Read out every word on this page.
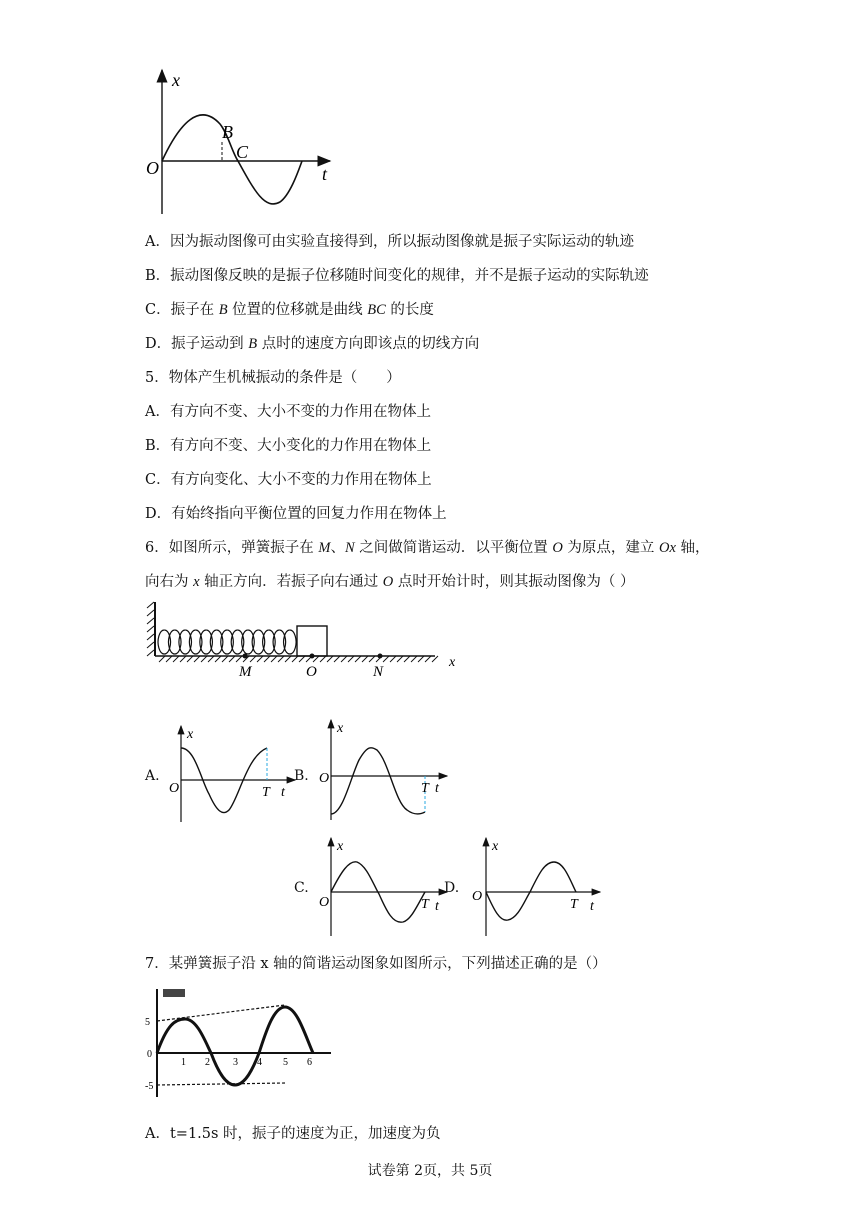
x
t
O
B
C
A．因为振动图像可由实验直接得到，所以振动图像就是振子实际运动的轨迹
B．振动图像反映的是振子位移随时间变化的规律，并不是振子运动的实际轨迹
C．振子在 B 位置的位移就是曲线 BC 的长度
D．振子运动到 B 点时的速度方向即该点的切线方向
5．物体产生机械振动的条件是（　　）
A．有方向不变、大小不变的力作用在物体上
B．有方向不变、大小变化的力作用在物体上
C．有方向变化、大小不变的力作用在物体上
D．有始终指向平衡位置的回复力作用在物体上
6．如图所示，弹簧振子在 M、N 之间做简谐运动．以平衡位置 O 为原点，建立 Ox 轴，
向右为 x 轴正方向．若振子向右通过 O 点时开始计时，则其振动图像为（ ）
M	O	N
x
A.
x
O	T t
B.
x
O
T t
C.
x
O	T t
D.
x
O
T t
7．某弹簧振子沿 x 轴的简谐运动图象如图所示，下列描述正确的是（）
5
0
-5
1 2 3 4 5 6
A．t=1.5s 时，振子的速度为正，加速度为负
试卷第 2页，共 5页
